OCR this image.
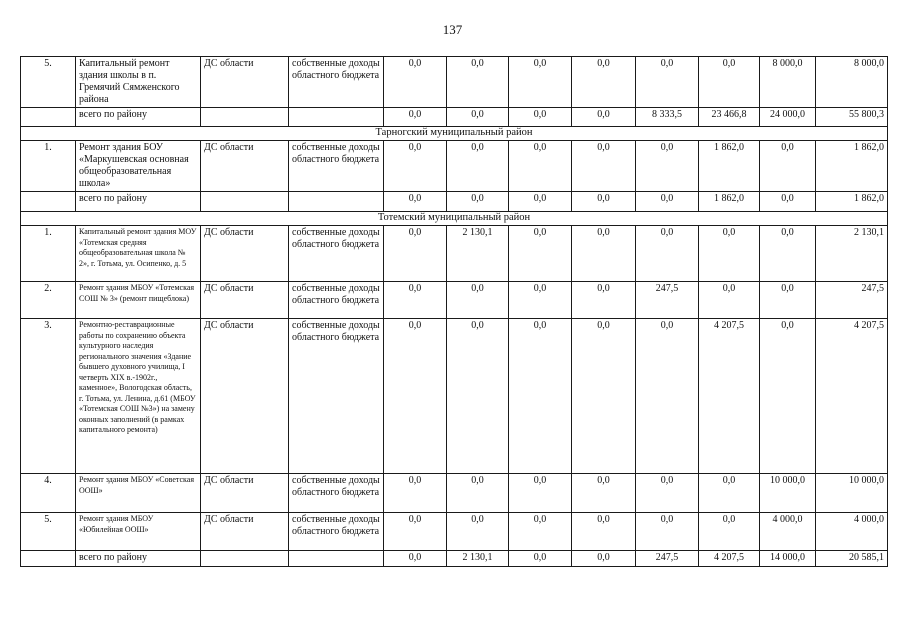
137
5.	Капитальный ремонт здания школы в п. Гремячий Сямженского района	ДС области	собственные доходы областного бюджета	0,0	0,0	0,0	0,0	0,0	0,0	8 000,0	8 000,0
	всего по району			0,0	0,0	0,0	0,0	8 333,5	23 466,8	24 000,0	55 800,3
Тарногский муниципальный район											
1.	Ремонт здания БОУ «Маркушевская основная общеобразовательная школа»	ДС области	собственные доходы областного бюджета	0,0	0,0	0,0	0,0	0,0	1 862,0	0,0	1 862,0
	всего по району			0,0	0,0	0,0	0,0	0,0	1 862,0	0,0	1 862,0
Тотемский муниципальный район											
1.	Капитальный ремонт здания МОУ «Тотемская средняя общеобразовательная школа № 2», г. Тотьма, ул. Осипенко, д. 5	ДС области	собственные доходы областного бюджета	0,0	2 130,1	0,0	0,0	0,0	0,0	0,0	2 130,1
2.	Ремонт здания МБОУ «Тотемская СОШ № 3» (ремонт пищеблока)	ДС области	собственные доходы областного бюджета	0,0	0,0	0,0	0,0	247,5	0,0	0,0	247,5
3.	Ремонтно-реставрационные работы по сохранению объекта культурного наследия регионального значения «Здание бывшего духовного училища, I четверть XIX в.-1902г., каменное», Вологодская область, г. Тотьма, ул. Ленина, д.61 (МБОУ «Тотемская СОШ №3») на замену оконных заполнений (в рамках капитального ремонта)	ДС области	собственные доходы областного бюджета	0,0	0,0	0,0	0,0	0,0	4 207,5	0,0	4 207,5
4.	Ремонт здания МБОУ «Советская ООШ»	ДС области	собственные доходы областного бюджета	0,0	0,0	0,0	0,0	0,0	0,0	10 000,0	10 000,0
5.	Ремонт здания МБОУ «Юбилейная ООШ»	ДС области	собственные доходы областного бюджета	0,0	0,0	0,0	0,0	0,0	0,0	4 000,0	4 000,0
	всего по району			0,0	2 130,1	0,0	0,0	247,5	4 207,5	14 000,0	20 585,1
